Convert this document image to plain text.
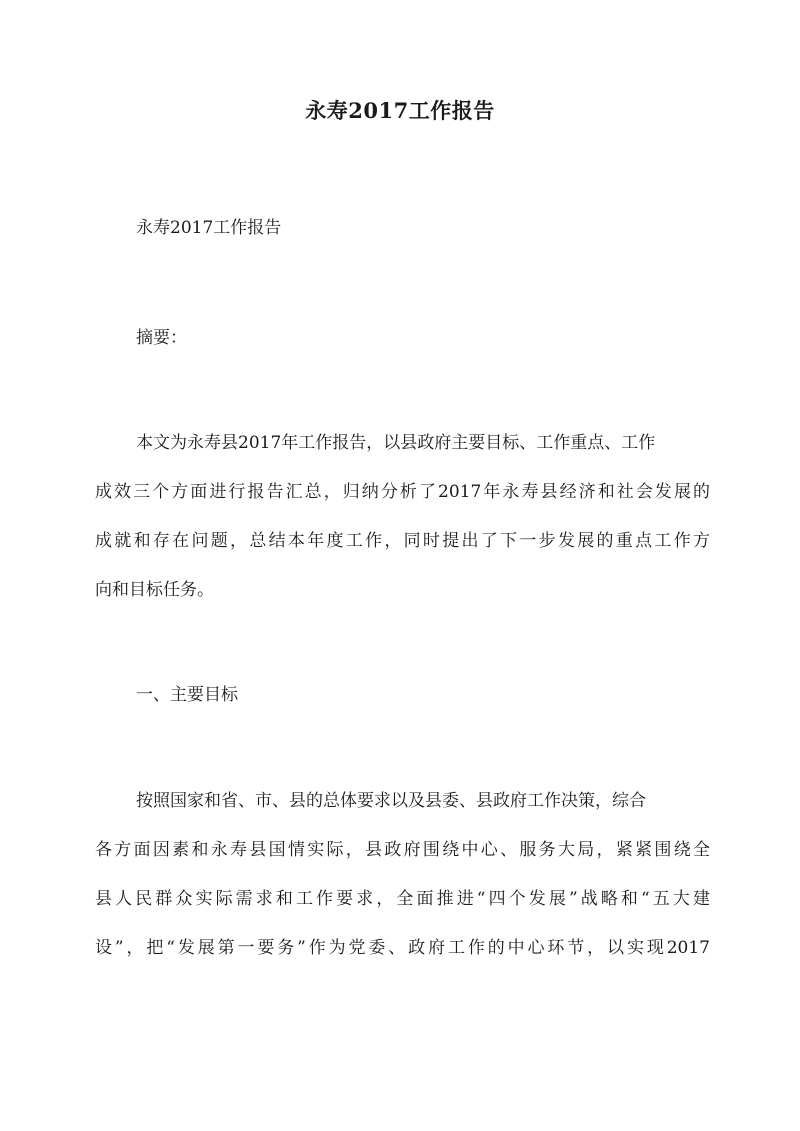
永寿2017工作报告
永寿2017工作报告
摘要：
本文为永寿县2017年工作报告，以县政府主要目标、工作重点、工作
成效三个方面进行报告汇总，归纳分析了2017年永寿县经济和社会发展的
成就和存在问题，总结本年度工作，同时提出了下一步发展的重点工作方
向和目标任务。
一、主要目标
按照国家和省、市、县的总体要求以及县委、县政府工作决策，综合
各方面因素和永寿县国情实际，县政府围绕中心、服务大局，紧紧围绕全
县人民群众实际需求和工作要求，全面推进“四个发展”战略和“五大建
设”，把“发展第一要务”作为党委、政府工作的中心环节，以实现2017
